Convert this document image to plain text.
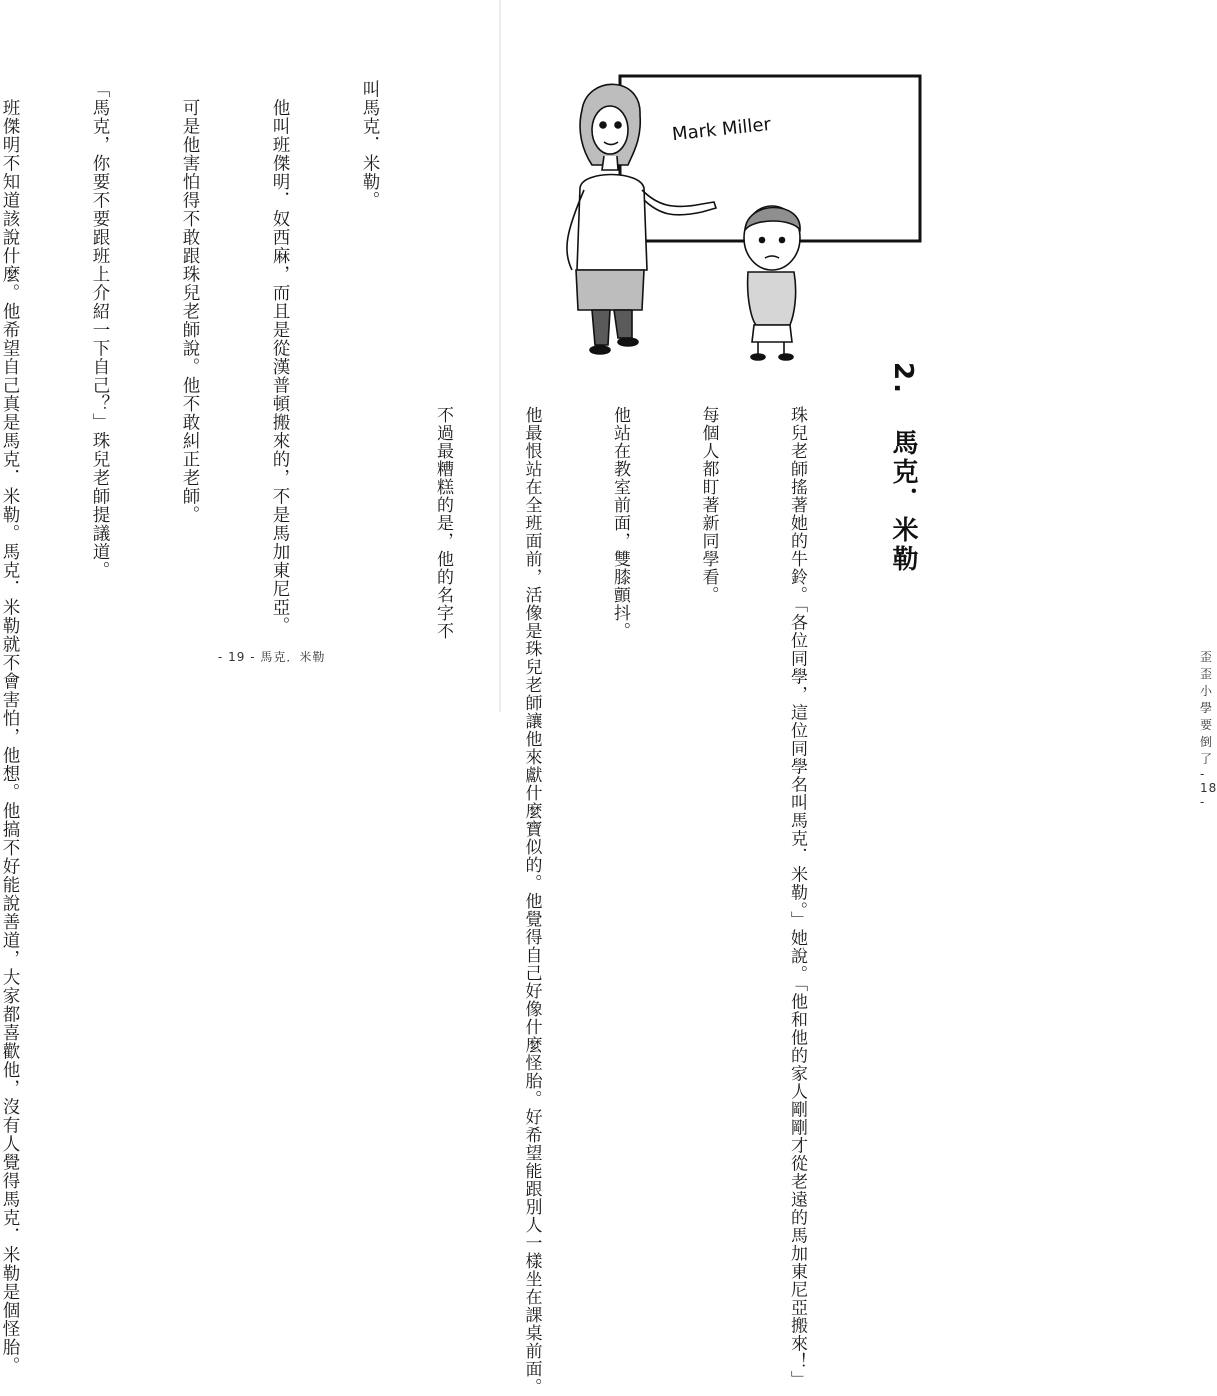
叫馬克．米勒。

　他叫班傑明．奴西麻，而且是從漢普頓搬來的，不是馬加東尼亞。

　可是他害怕得不敢跟珠兒老師說。他不敢糾正老師。

「馬克，你要不要跟班上介紹一下自己？」珠兒老師提議道。

　班傑明不知道該說什麼。他希望自己真是馬克．米勒。馬克．米勒就不會害怕，他想。他搞不好能說善道，大家都喜歡他，沒有人覺得馬克．米勒是個怪胎。

	- 19 - 馬克．米勒	歪歪小學要倒了 - 18 -
Mark Miller
2. 馬克．米勒

　珠兒老師搖著她的牛鈴。「各位同學，這位同學名叫馬克．米勒。」她說。「他和他的家人剛剛才從老遠的馬加東尼亞搬來！」

　每個人都盯著新同學看。

　他站在教室前面，雙膝顫抖。

　他最恨站在全班面前，活像是珠兒老師讓他來獻什麼寶似的。他覺得自己好像什麼怪胎。好希望能跟別人一樣坐在課桌前面。

　不過最糟糕的是，他的名字不
